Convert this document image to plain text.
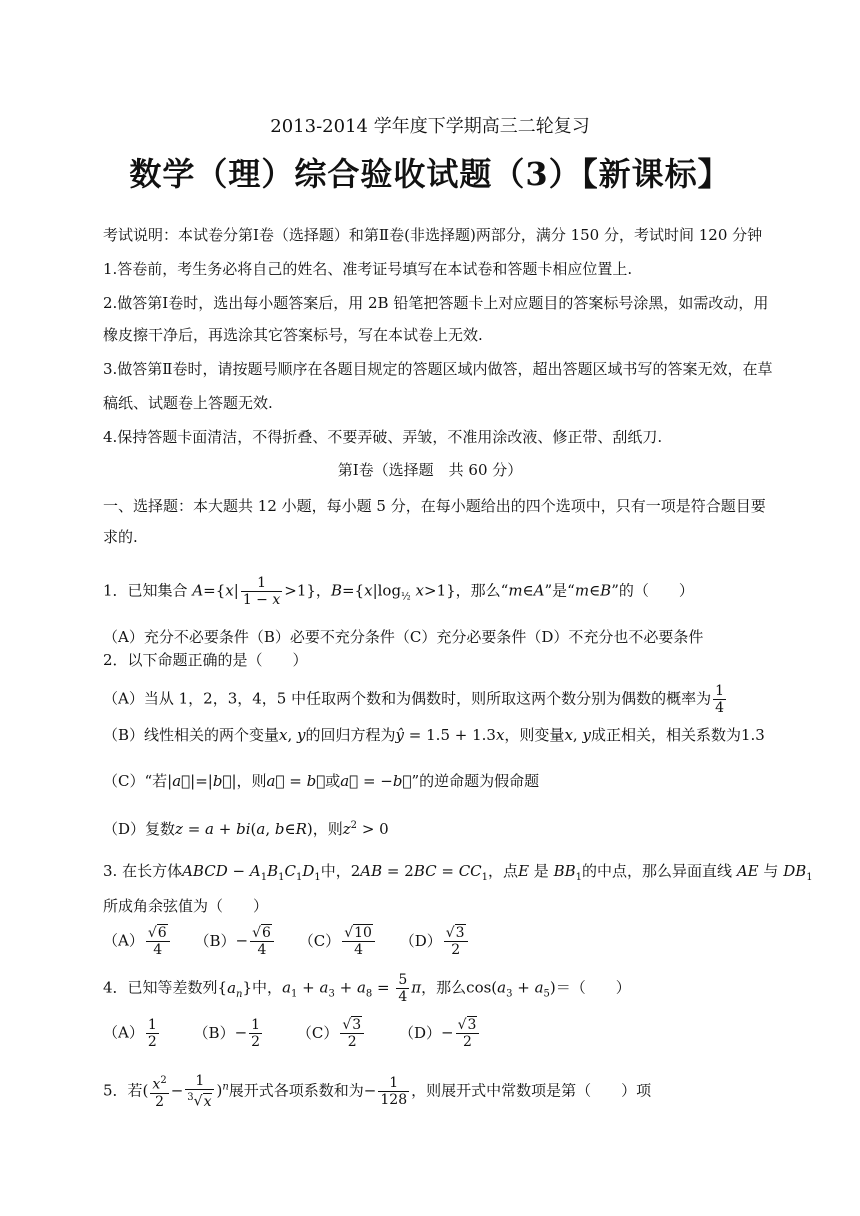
2013-2014 学年度下学期高三二轮复习
数学（理）综合验收试题（3）【新课标】
考试说明：本试卷分第Ⅰ卷（选择题）和第Ⅱ卷(非选择题)两部分，满分 150 分，考试时间 120 分钟
1.答卷前，考生务必将自己的姓名、准考证号填写在本试卷和答题卡相应位置上.
2.做答第Ⅰ卷时，选出每小题答案后，用 2B 铅笔把答题卡上对应题目的答案标号涂黑，如需改动，用
橡皮擦干净后，再选涂其它答案标号，写在本试卷上无效.
3.做答第Ⅱ卷时，请按题号顺序在各题目规定的答题区域内做答，超出答题区域书写的答案无效，在草
稿纸、试题卷上答题无效.
4.保持答题卡面清洁，不得折叠、不要弄破、弄皱，不准用涂改液、修正带、刮纸刀.
第Ⅰ卷（选择题　共 60 分）
一、选择题：本大题共 12 小题，每小题 5 分，在每小题给出的四个选项中，只有一项是符合题目要
求的.
1．已知集合 $A=\{x| \frac{1}{1 - x} >1\}$，$B=\{x|\log_{\frac{1}{2}}$ x>1}，那么“m∈A”是“m∈B”的（　　）
（A）充分不必要条件（B）必要不充分条件（C）充分必要条件（D）不充分也不必要条件
2．以下命题正确的是（　　）
（A）当从 1，2，3，4，5 中任取两个数和为偶数时，则所取这两个数分别为偶数的概率为 $\frac{1}{4}$
（B）线性相关的两个变量x, y的回归方程为ŷ = 1.5 + 1.3x，则变量x, y成正相关，相关系数为1.3
（C）“若|a⃗|=|b⃗|，则a⃗ = b⃗或a⃗ = −b⃗”的逆命题为假命题
（D）复数z = a + bi(a, b∈R)，则$z^2 > 0$
3. 在长方体ABCD − $A_1B_1C_1D_1$中，$2AB = 2BC = CC_1$，点E 是 $BB_1$的中点，那么异面直线 AE 与 $DB_1$
所成角余弦值为（　　）
$(A) \frac{√6}{4} (B)- \frac{√6}{4} (C) \frac{√10}{4} (D) \frac{√3}{2}$
4．已知等差数列$\{a_n\}$中，$a_1 + a_3 + a_8 = \frac{5}{4}$ π，那么$\cos(a_3 + a_5)=$（　　）
$(A) \frac{1}{2} (B)- \frac{1}{2} (C) \frac{√3}{2} (D)- \frac{√3}{2}$
5．若( $\frac{x^2}{2} - \frac{1}{^3√x} )^n$展开式各项系数和为− $\frac{1}{128}$ ，则展开式中常数项是第（　　）项
